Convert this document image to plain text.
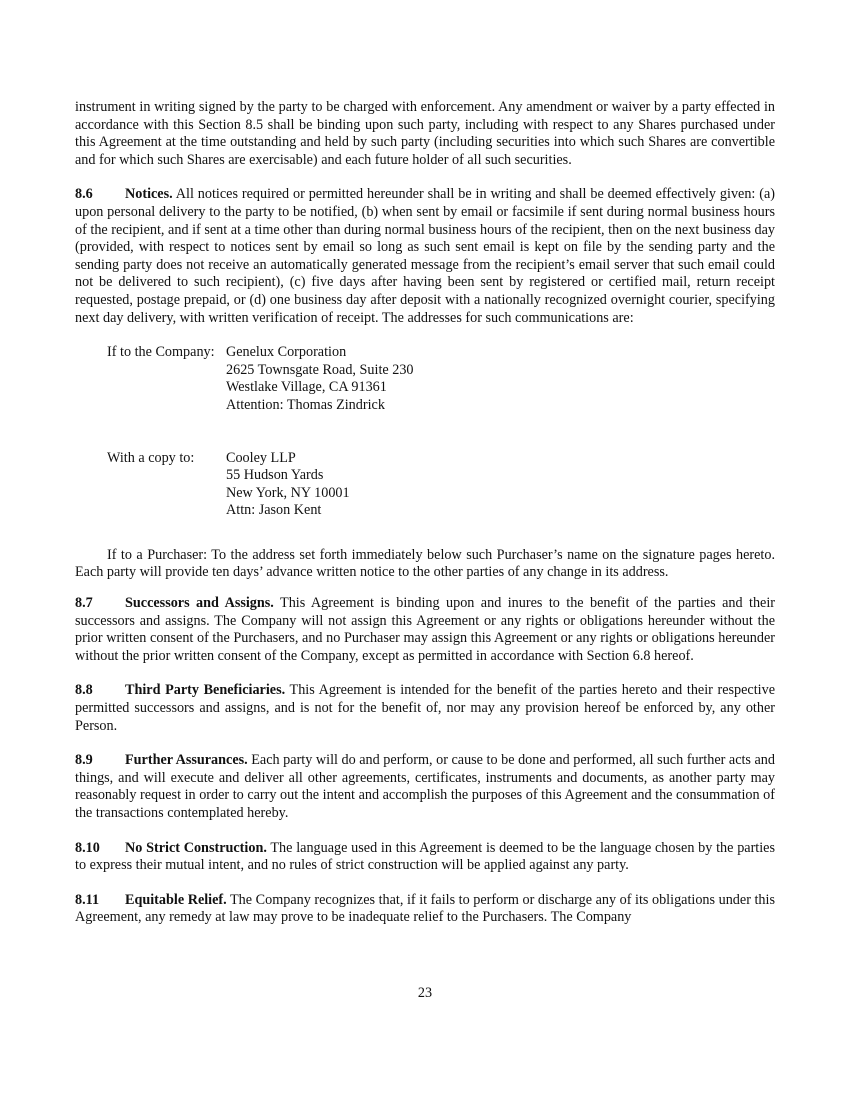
instrument in writing signed by the party to be charged with enforcement. Any amendment or waiver by a party effected in accordance with this Section 8.5 shall be binding upon such party, including with respect to any Shares purchased under this Agreement at the time outstanding and held by such party (including securities into which such Shares are convertible and for which such Shares are exercisable) and each future holder of all such securities.

8.6 Notices. All notices required or permitted hereunder shall be in writing and shall be deemed effectively given: (a) upon personal delivery to the party to be notified, (b) when sent by email or facsimile if sent during normal business hours of the recipient, and if sent at a time other than during normal business hours of the recipient, then on the next business day (provided, with respect to notices sent by email so long as such sent email is kept on file by the sending party and the sending party does not receive an automatically generated message from the recipient’s email server that such email could not be delivered to such recipient), (c) five days after having been sent by registered or certified mail, return receipt requested, postage prepaid, or (d) one business day after deposit with a nationally recognized overnight courier, specifying next day delivery, with written verification of receipt. The addresses for such communications are:

If to the Company: Genelux Corporation
2625 Townsgate Road, Suite 230
Westlake Village, CA 91361
Attention: Thomas Zindrick
With a copy to:	Cooley LLP
55 Hudson Yards
New York, NY 10001
Attn: Jason Kent

If to a Purchaser: To the address set forth immediately below such Purchaser’s name on the signature pages hereto. Each party will provide ten days’ advance written notice to the other parties of any change in its address.

8.7 Successors and Assigns. This Agreement is binding upon and inures to the benefit of the parties and their successors and assigns. The Company will not assign this Agreement or any rights or obligations hereunder without the prior written consent of the Purchasers, and no Purchaser may assign this Agreement or any rights or obligations hereunder without the prior written consent of the Company, except as permitted in accordance with Section 6.8 hereof.

8.8 Third Party Beneficiaries. This Agreement is intended for the benefit of the parties hereto and their respective permitted successors and assigns, and is not for the benefit of, nor may any provision hereof be enforced by, any other Person.

8.9 Further Assurances. Each party will do and perform, or cause to be done and performed, all such further acts and things, and will execute and deliver all other agreements, certificates, instruments and documents, as another party may reasonably request in order to carry out the intent and accomplish the purposes of this Agreement and the consummation of the transactions contemplated hereby.

8.10 No Strict Construction. The language used in this Agreement is deemed to be the language chosen by the parties to express their mutual intent, and no rules of strict construction will be applied against any party.

8.11 Equitable Relief. The Company recognizes that, if it fails to perform or discharge any of its obligations under this Agreement, any remedy at law may prove to be inadequate relief to the Purchasers. The Company

23
